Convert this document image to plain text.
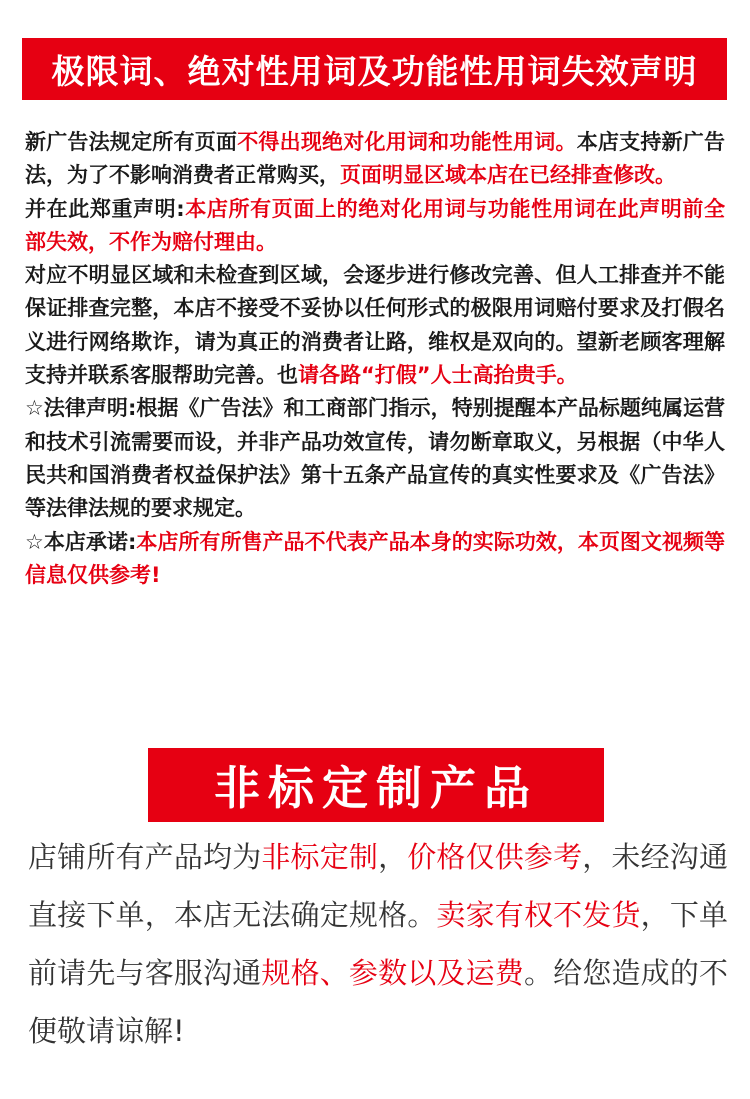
极限词、绝对性用词及功能性用词失效声明

新广告法规定所有页面不得出现绝对化用词和功能性用词。本店支持新广告法，为了不影响消费者正常购买，页面明显区域本店在已经排查修改。

并在此郑重声明:本店所有页面上的绝对化用词与功能性用词在此声明前全部失效，不作为赔付理由。

对应不明显区域和未检查到区域，会逐步进行修改完善、但人工排查并不能保证排查完整，本店不接受不妥协以任何形式的极限用词赔付要求及打假名义进行网络欺诈，请为真正的消费者让路，维权是双向的。望新老顾客理解支持并联系客服帮助完善。也请各路“打假”人士高抬贵手。

☆法律声明:根据《广告法》和工商部门指示，特别提醒本产品标题纯属运营和技术引流需要而设，并非产品功效宣传，请勿断章取义，另根据（中华人民共和国消费者权益保护法》第十五条产品宣传的真实性要求及《广告法》等法律法规的要求规定。

☆本店承诺:本店所有所售产品不代表产品本身的实际功效，本页图文视频等信息仅供参考!

非标定制产品

店铺所有产品均为非标定制，价格仅供参考，未经沟通直接下单，本店无法确定规格。卖家有权不发货，下单前请先与客服沟通规格、参数以及运费。给您造成的不便敬请谅解!
